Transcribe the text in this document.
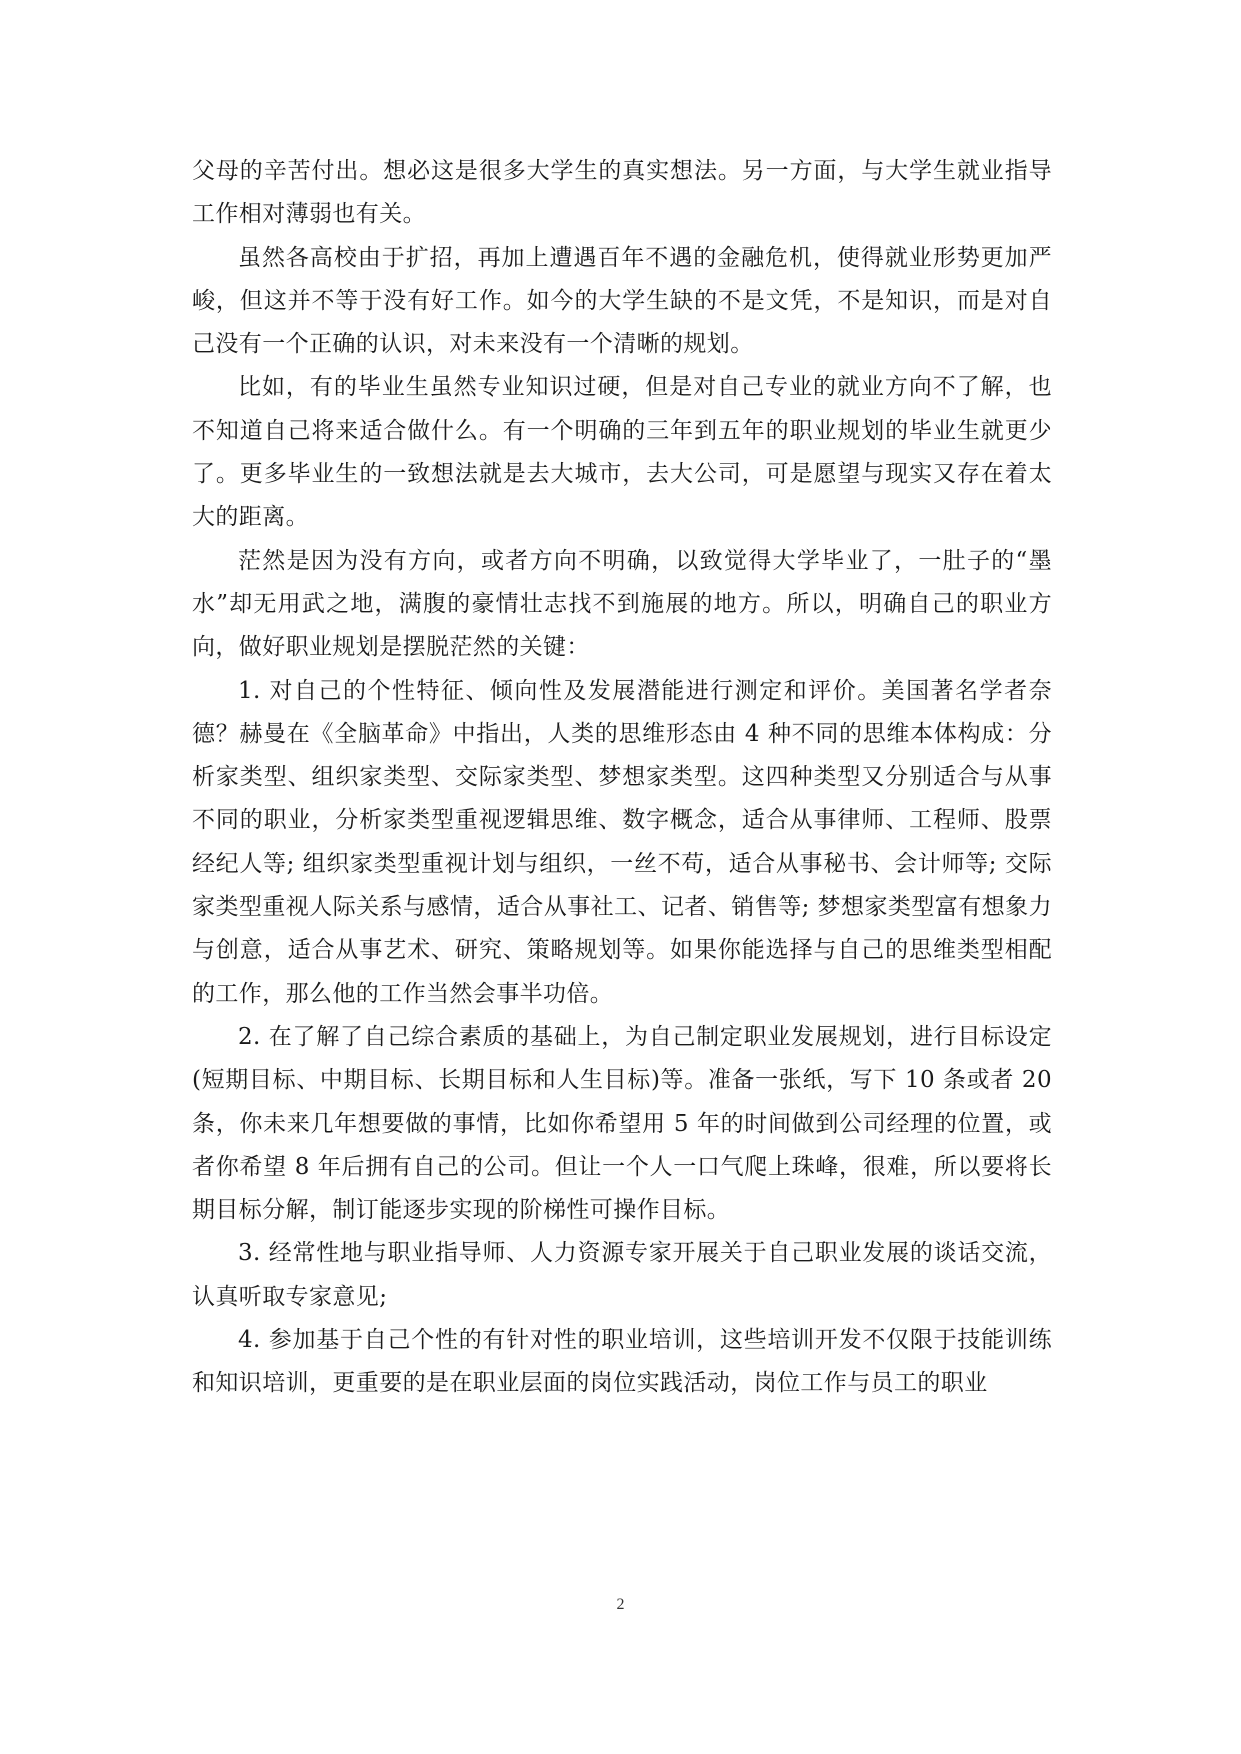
父母的辛苦付出。想必这是很多大学生的真实想法。另一方面，与大学生就业指导工作相对薄弱也有关。

虽然各高校由于扩招，再加上遭遇百年不遇的金融危机，使得就业形势更加严峻，但这并不等于没有好工作。如今的大学生缺的不是文凭，不是知识，而是对自己没有一个正确的认识，对未来没有一个清晰的规划。

比如，有的毕业生虽然专业知识过硬，但是对自己专业的就业方向不了解，也不知道自己将来适合做什么。有一个明确的三年到五年的职业规划的毕业生就更少了。更多毕业生的一致想法就是去大城市，去大公司，可是愿望与现实又存在着太大的距离。

茫然是因为没有方向，或者方向不明确，以致觉得大学毕业了，一肚子的“墨水”却无用武之地，满腹的豪情壮志找不到施展的地方。所以，明确自己的职业方向，做好职业规划是摆脱茫然的关键：

1. 对自己的个性特征、倾向性及发展潜能进行测定和评价。美国著名学者奈德？赫曼在《全脑革命》中指出，人类的思维形态由 4 种不同的思维本体构成：分析家类型、组织家类型、交际家类型、梦想家类型。这四种类型又分别适合与从事不同的职业，分析家类型重视逻辑思维、数字概念，适合从事律师、工程师、股票经纪人等; 组织家类型重视计划与组织，一丝不苟，适合从事秘书、会计师等; 交际家类型重视人际关系与感情，适合从事社工、记者、销售等; 梦想家类型富有想象力与创意，适合从事艺术、研究、策略规划等。如果你能选择与自己的思维类型相配的工作，那么他的工作当然会事半功倍。

2. 在了解了自己综合素质的基础上，为自己制定职业发展规划，进行目标设定(短期目标、中期目标、长期目标和人生目标)等。准备一张纸，写下 10 条或者 20 条，你未来几年想要做的事情，比如你希望用 5 年的时间做到公司经理的位置，或者你希望 8 年后拥有自己的公司。但让一个人一口气爬上珠峰，很难，所以要将长期目标分解，制订能逐步实现的阶梯性可操作目标。

3. 经常性地与职业指导师、人力资源专家开展关于自己职业发展的谈话交流，认真听取专家意见;

4. 参加基于自己个性的有针对性的职业培训，这些培训开发不仅限于技能训练和知识培训，更重要的是在职业层面的岗位实践活动，岗位工作与员工的职业

2
